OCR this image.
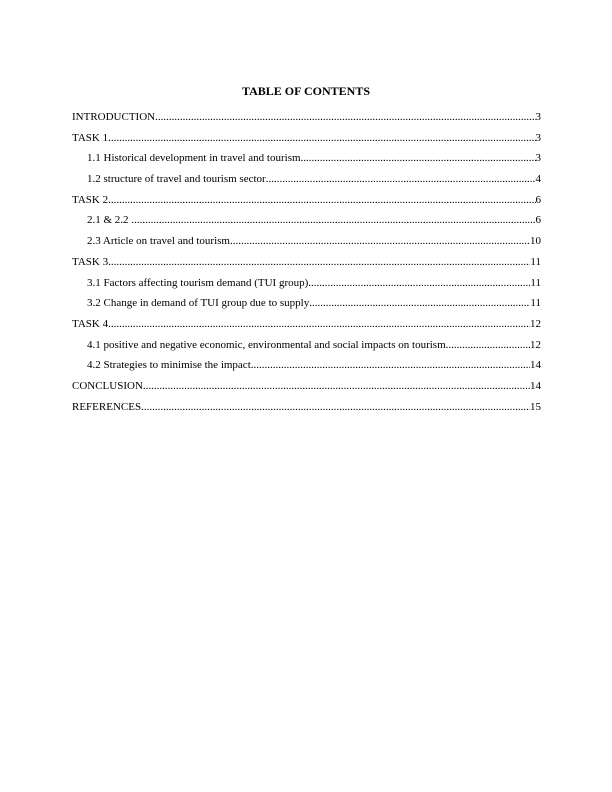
TABLE OF CONTENTS
INTRODUCTION .....	3
TASK 1 .....	3
1.1 Historical development in travel and tourism .....	3
1.2 structure of travel and tourism sector .....	4
TASK 2 .....	6
2.1 & 2.2 .....	6
2.3 Article on travel and tourism .....	10
TASK 3 .....	11
3.1 Factors affecting tourism demand (TUI group) .....	11
3.2 Change in demand of TUI group due to supply .....	11
TASK 4 .....	12
4.1 positive and negative economic, environmental and social impacts on tourism .....	12
4.2 Strategies to minimise the impact .....	14
CONCLUSION .....	14
REFERENCES .....	15
